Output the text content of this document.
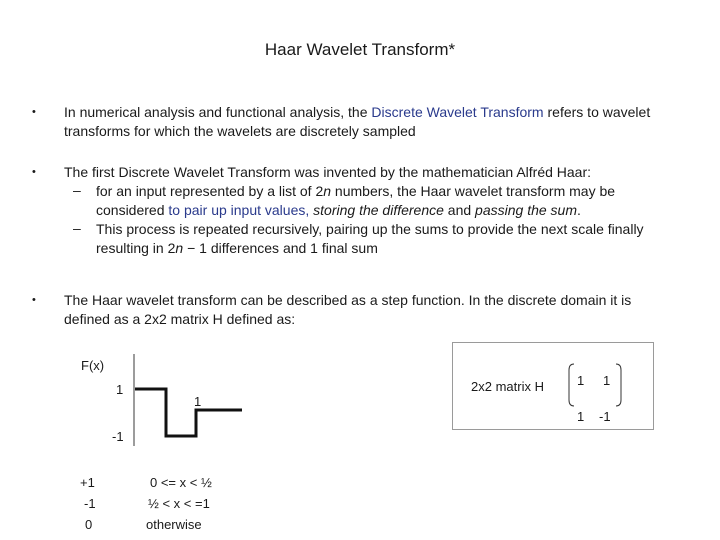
Haar Wavelet Transform*
• In numerical analysis and functional analysis, the Discrete Wavelet Transform refers to wavelet
transforms for which the wavelets are discretely sampled
• The first Discrete Wavelet Transform was invented by the mathematician Alfréd Haar:
– for an input represented by a list of 2n numbers, the Haar wavelet transform may be
considered to pair up input values, storing the difference and passing the sum.
– This process is repeated recursively, pairing up the sums to provide the next scale finally
resulting in 2n − 1 differences and 1 final sum
• The Haar wavelet transform can be described as a step function. In the discrete domain it is
defined as a 2x2 matrix H defined as:
F(x)
1
1
-1
+1	0 <= x < ½
-1	½ < x < =1
0	otherwise
2x2 matrix H	1 1
1 -1
